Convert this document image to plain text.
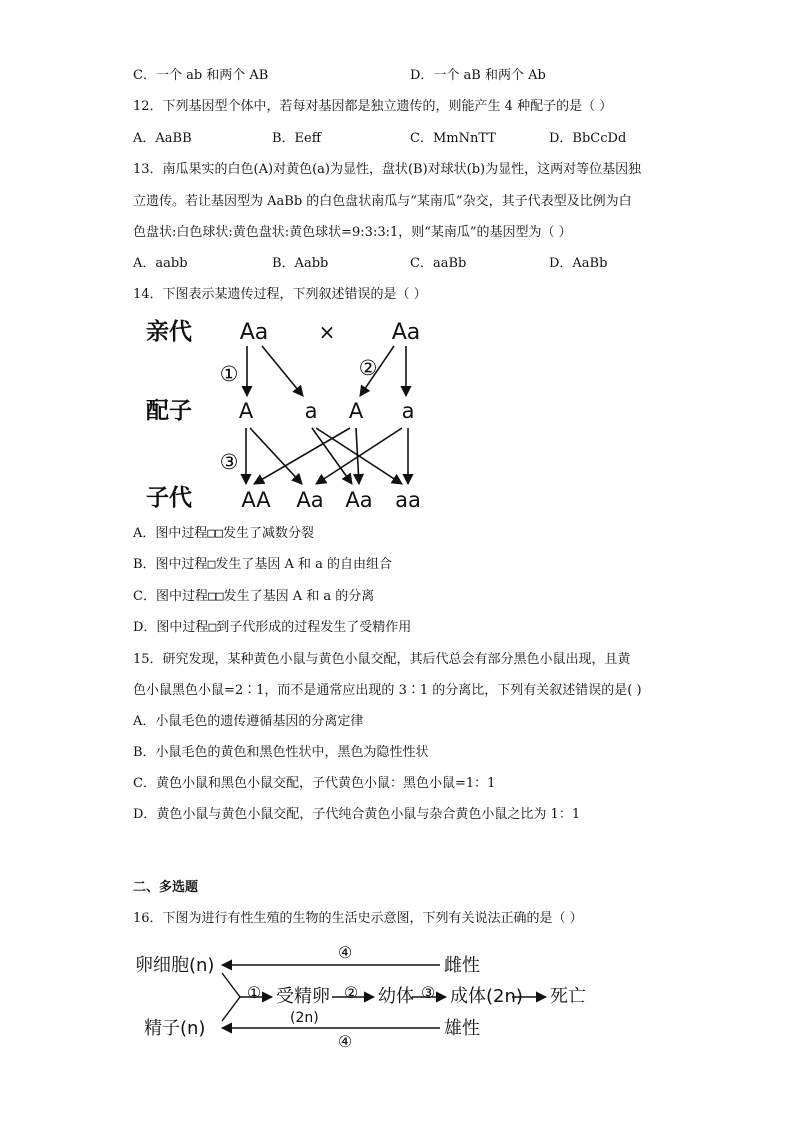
C．一个 ab 和两个 AB	D．一个 aB 和两个 Ab
12．下列基因型个体中，若每对基因都是独立遗传的，则能产生 4 种配子的是（ ）
A．AaBB	B．Eeff	C．MmNnTT	D．BbCcDd
13．南瓜果实的白色(A)对黄色(a)为显性，盘状(B)对球状(b)为显性，这两对等位基因独
立遗传。若让基因型为 AaBb 的白色盘状南瓜与“某南瓜”杂交，其子代表型及比例为白
色盘状:白色球状:黄色盘状:黄色球状=9:3:3:1，则“某南瓜”的基因型为（ ）
A．aabb	B．Aabb	C．aaBb	D．AaBb
14．下图表示某遗传过程，下列叙述错误的是（ ）
亲代
配子
子代
Aa	×	Aa
①	②
③
A a A a
AA Aa Aa aa
A．图中过程□□发生了减数分裂
B．图中过程□发生了基因 A 和 a 的自由组合
C．图中过程□□发生了基因 A 和 a 的分离
D．图中过程□到子代形成的过程发生了受精作用
15．研究发现，某种黄色小鼠与黄色小鼠交配，其后代总会有部分黑色小鼠出现，且黄
色小鼠黑色小鼠=2∶1，而不是通常应出现的 3∶1 的分离比，下列有关叙述错误的是( )
A．小鼠毛色的遗传遵循基因的分离定律
B．小鼠毛色的黄色和黑色性状中，黑色为隐性性状
C．黄色小鼠和黑色小鼠交配，子代黄色小鼠：黑色小鼠=1：1
D．黄色小鼠与黄色小鼠交配，子代纯合黄色小鼠与杂合黄色小鼠之比为 1：1
二、多选题
16．下图为进行有性生殖的生物的生活史示意图，下列有关说法正确的是（ ）
卵细胞(n)
精子(n)
雌性
雄性
受精卵
(2n)
幼体 成体(2n) 死亡
①	②	③
④
④
